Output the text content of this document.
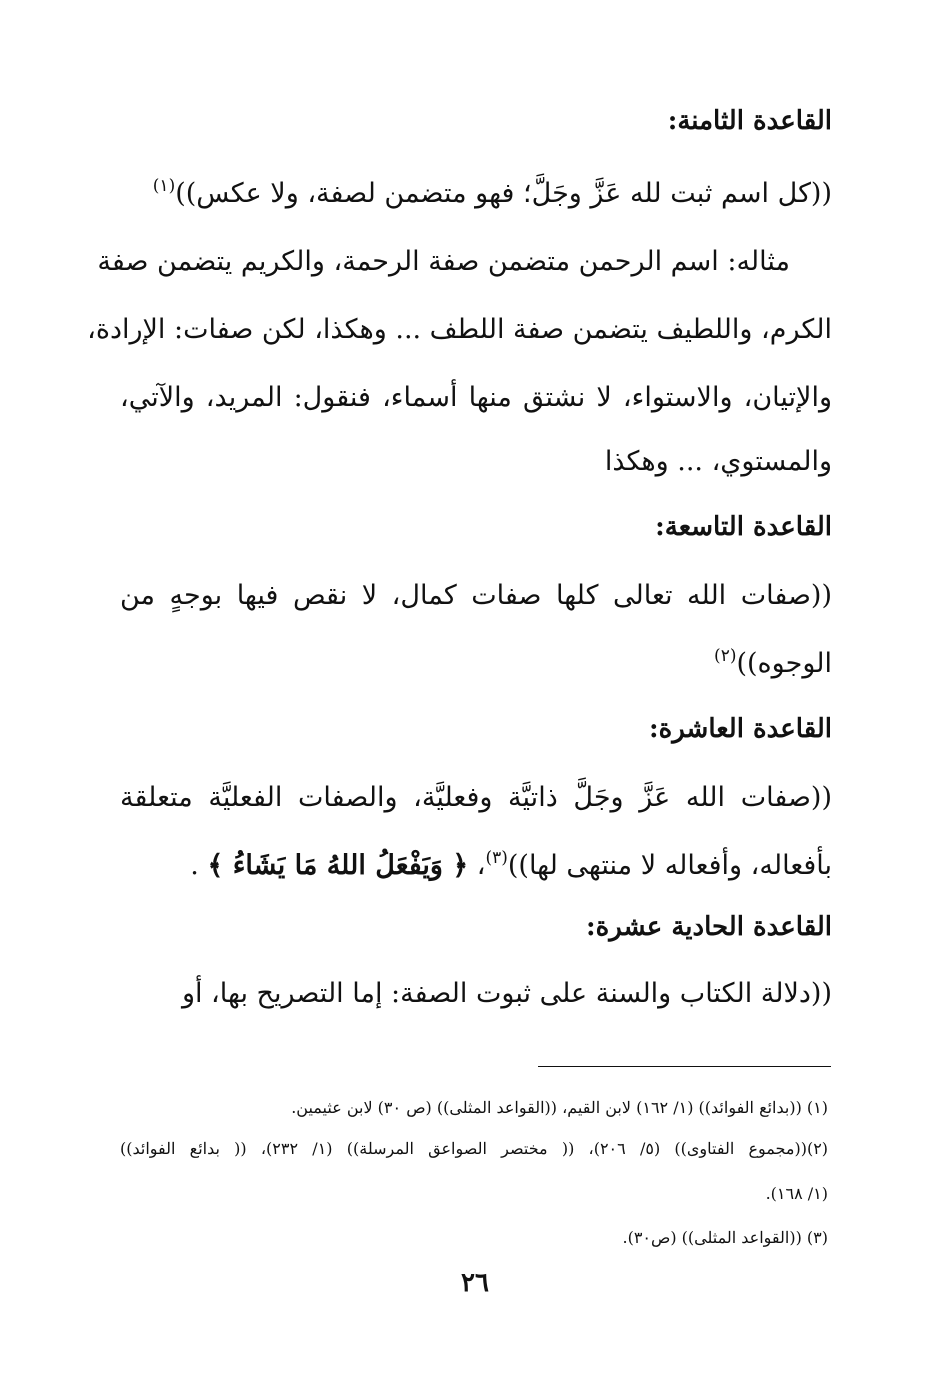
القاعدة الثامنة:
((كل اسم ثبت لله عَزَّ وجَلَّ؛ فهو متضمن لصفة، ولا عكس))$^{(١)}$
مثاله: اسم الرحمن متضمن صفة الرحمة، والكريم يتضمن صفة
الكرم، واللطيف يتضمن صفة اللطف ... وهكذا، لكن صفات: الإرادة،
والإتيان، والاستواء، لا نشتق منها أسماء، فنقول: المريد، والآتي،
والمستوي، ... وهكذا
القاعدة التاسعة:
((صفات الله تعالى كلها صفات كمال، لا نقص فيها بوجهٍ من
الوجوه))$^{(٢)}$
القاعدة العاشرة:
((صفات الله عَزَّ وجَلَّ ذاتيَّة وفعليَّة، والصفات الفعليَّة متعلقة
بأفعاله، وأفعاله لا منتهى لها))$^{(٣)}$، ﴿ وَيَفْعَلُ اللهُ مَا يَشَاءُ ﴾ .
القاعدة الحادية عشرة:
((دلالة الكتاب والسنة على ثبوت الصفة: إما التصريح بها، أو
(١) ((بدائع الفوائد)) (١/ ١٦٢) لابن القيم، ((القواعد المثلى)) (ص ٣٠) لابن عثيمين.
(٢)((مجموع الفتاوى)) (٥/ ٢٠٦)، (( مختصر الصواعق المرسلة)) (١/ ٢٣٢)، (( بدائع الفوائد))
(١/ ١٦٨).
(٣) ((القواعد المثلى)) (ص٣٠).
٢٦
